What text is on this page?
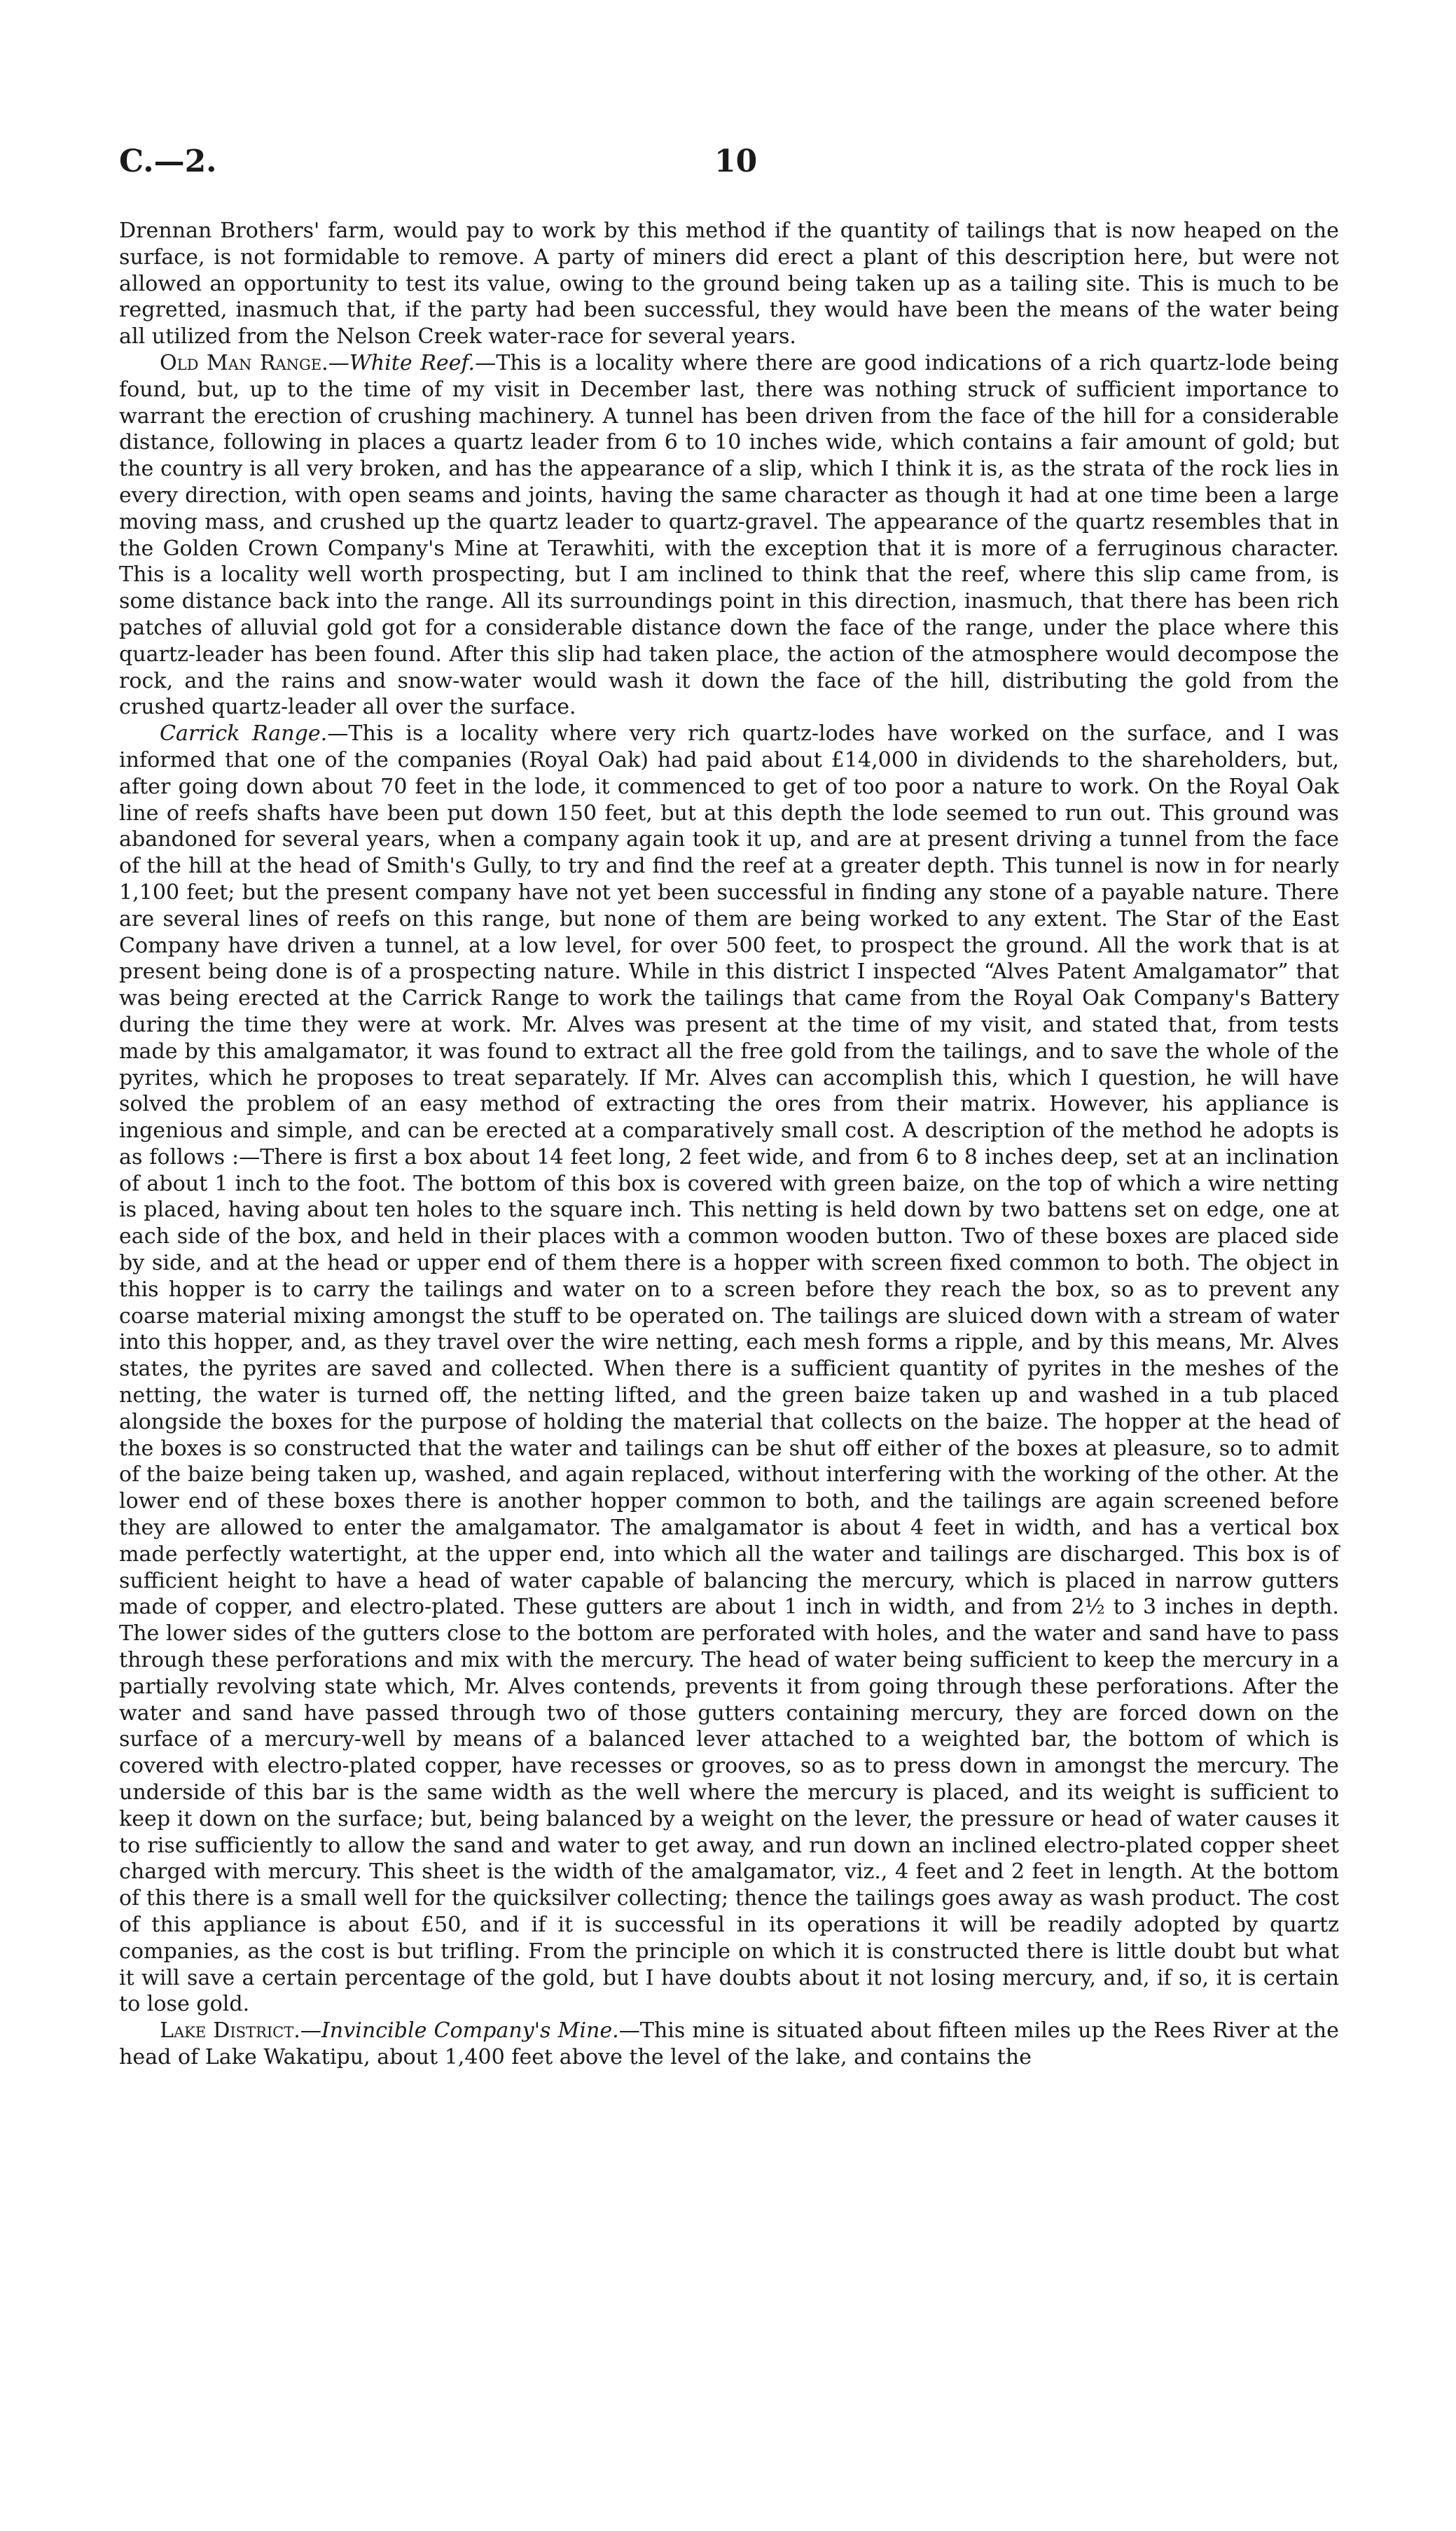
C.—2.	10

Drennan Brothers' farm, would pay to work by this method if the quantity of tailings that is now heaped on the surface, is not formidable to remove. A party of miners did erect a plant of this description here, but were not allowed an opportunity to test its value, owing to the ground being taken up as a tailing site. This is much to be regretted, inasmuch that, if the party had been successful, they would have been the means of the water being all utilized from the Nelson Creek water-race for several years.

Old Man Range.—White Reef.—This is a locality where there are good indications of a rich quartz-lode being found, but, up to the time of my visit in December last, there was nothing struck of sufficient importance to warrant the erection of crushing machinery. A tunnel has been driven from the face of the hill for a considerable distance, following in places a quartz leader from 6 to 10 inches wide, which contains a fair amount of gold; but the country is all very broken, and has the appearance of a slip, which I think it is, as the strata of the rock lies in every direction, with open seams and joints, having the same character as though it had at one time been a large moving mass, and crushed up the quartz leader to quartz-gravel. The appearance of the quartz resembles that in the Golden Crown Company's Mine at Terawhiti, with the exception that it is more of a ferruginous character. This is a locality well worth prospecting, but I am inclined to think that the reef, where this slip came from, is some distance back into the range. All its surroundings point in this direction, inasmuch, that there has been rich patches of alluvial gold got for a considerable distance down the face of the range, under the place where this quartz-leader has been found. After this slip had taken place, the action of the atmosphere would decompose the rock, and the rains and snow-water would wash it down the face of the hill, distributing the gold from the crushed quartz-leader all over the surface.

Carrick Range.—This is a locality where very rich quartz-lodes have worked on the surface, and I was informed that one of the companies (Royal Oak) had paid about £14,000 in dividends to the shareholders, but, after going down about 70 feet in the lode, it commenced to get of too poor a nature to work. On the Royal Oak line of reefs shafts have been put down 150 feet, but at this depth the lode seemed to run out. This ground was abandoned for several years, when a company again took it up, and are at present driving a tunnel from the face of the hill at the head of Smith's Gully, to try and find the reef at a greater depth. This tunnel is now in for nearly 1,100 feet; but the present company have not yet been successful in finding any stone of a payable nature. There are several lines of reefs on this range, but none of them are being worked to any extent. The Star of the East Company have driven a tunnel, at a low level, for over 500 feet, to prospect the ground. All the work that is at present being done is of a prospecting nature. While in this district I inspected “Alves Patent Amalgamator” that was being erected at the Carrick Range to work the tailings that came from the Royal Oak Company's Battery during the time they were at work. Mr. Alves was present at the time of my visit, and stated that, from tests made by this amalgamator, it was found to extract all the free gold from the tailings, and to save the whole of the pyrites, which he proposes to treat separately. If Mr. Alves can accomplish this, which I question, he will have solved the problem of an easy method of extracting the ores from their matrix. However, his appliance is ingenious and simple, and can be erected at a comparatively small cost. A description of the method he adopts is as follows :—There is first a box about 14 feet long, 2 feet wide, and from 6 to 8 inches deep, set at an inclination of about 1 inch to the foot. The bottom of this box is covered with green baize, on the top of which a wire netting is placed, having about ten holes to the square inch. This netting is held down by two battens set on edge, one at each side of the box, and held in their places with a common wooden button. Two of these boxes are placed side by side, and at the head or upper end of them there is a hopper with screen fixed common to both. The object in this hopper is to carry the tailings and water on to a screen before they reach the box, so as to prevent any coarse material mixing amongst the stuff to be operated on. The tailings are sluiced down with a stream of water into this hopper, and, as they travel over the wire netting, each mesh forms a ripple, and by this means, Mr. Alves states, the pyrites are saved and collected. When there is a sufficient quantity of pyrites in the meshes of the netting, the water is turned off, the netting lifted, and the green baize taken up and washed in a tub placed alongside the boxes for the purpose of holding the material that collects on the baize. The hopper at the head of the boxes is so constructed that the water and tailings can be shut off either of the boxes at pleasure, so to admit of the baize being taken up, washed, and again replaced, without interfering with the working of the other. At the lower end of these boxes there is another hopper common to both, and the tailings are again screened before they are allowed to enter the amalgamator. The amalgamator is about 4 feet in width, and has a vertical box made perfectly watertight, at the upper end, into which all the water and tailings are discharged. This box is of sufficient height to have a head of water capable of balancing the mercury, which is placed in narrow gutters made of copper, and electro-plated. These gutters are about 1 inch in width, and from 2½ to 3 inches in depth. The lower sides of the gutters close to the bottom are perforated with holes, and the water and sand have to pass through these perforations and mix with the mercury. The head of water being sufficient to keep the mercury in a partially revolving state which, Mr. Alves contends, prevents it from going through these perforations. After the water and sand have passed through two of those gutters containing mercury, they are forced down on the surface of a mercury-well by means of a balanced lever attached to a weighted bar, the bottom of which is covered with electro-plated copper, have recesses or grooves, so as to press down in amongst the mercury. The underside of this bar is the same width as the well where the mercury is placed, and its weight is sufficient to keep it down on the surface; but, being balanced by a weight on the lever, the pressure or head of water causes it to rise sufficiently to allow the sand and water to get away, and run down an inclined electro-plated copper sheet charged with mercury. This sheet is the width of the amalgamator, viz., 4 feet and 2 feet in length. At the bottom of this there is a small well for the quicksilver collecting; thence the tailings goes away as wash product. The cost of this appliance is about £50, and if it is successful in its operations it will be readily adopted by quartz companies, as the cost is but trifling. From the principle on which it is constructed there is little doubt but what it will save a certain percentage of the gold, but I have doubts about it not losing mercury, and, if so, it is certain to lose gold.

Lake District.—Invincible Company's Mine.—This mine is situated about fifteen miles up the Rees River at the head of Lake Wakatipu, about 1,400 feet above the level of the lake, and contains the
